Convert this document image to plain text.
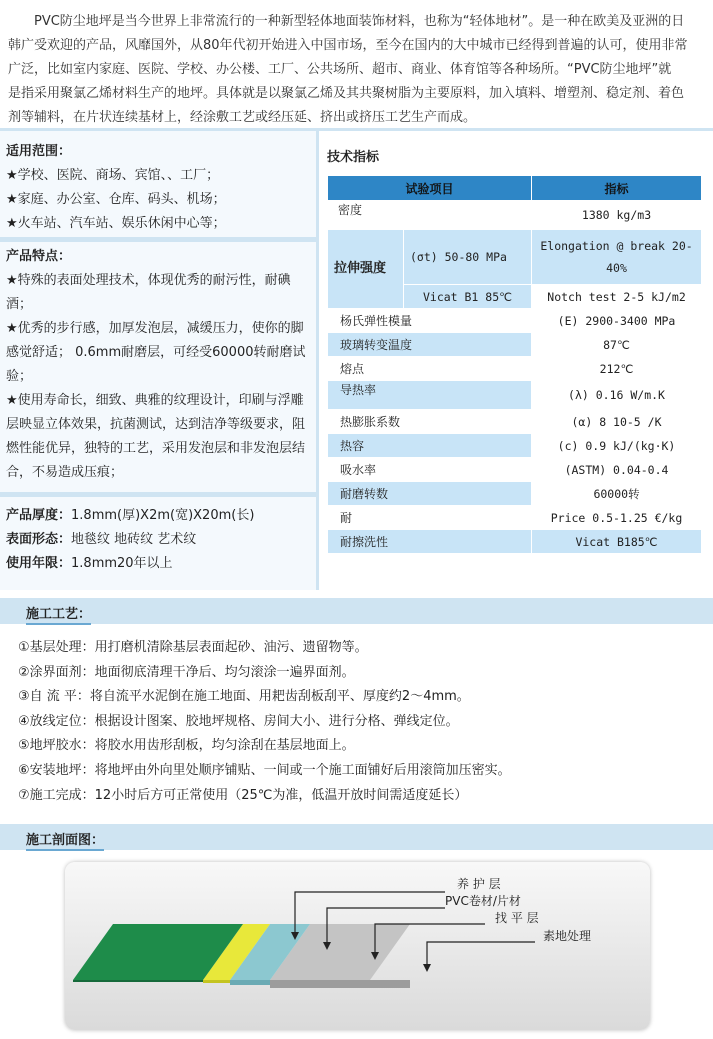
PVC防尘地坪是当今世界上非常流行的一种新型轻体地面装饰材料，也称为“轻体地材”。是一种在欧美及亚洲的日

韩广受欢迎的产品，风靡国外，从80年代初开始进入中国市场，至今在国内的大中城市已经得到普遍的认可，使用非常
广泛，比如室内家庭、医院、学校、办公楼、工厂、公共场所、超市、商业、体育馆等各种场所。“PVC防尘地坪”就
是指采用聚氯乙烯材料生产的地坪。具体就是以聚氯乙烯及其共聚树脂为主要原料，加入填料、增塑剂、稳定剂、着色
剂等辅料，在片状连续基材上，经涂敷工艺或经压延、挤出或挤压工艺生产而成。
适用范围：
★学校、医院、商场、宾馆、、工厂；
★家庭、办公室、仓库、码头、机场；
★火车站、汽车站、娱乐休闲中心等；
产品特点：
★特殊的表面处理技术，体现优秀的耐污性，耐碘
酒；
★优秀的步行感，加厚发泡层，减缓压力，使你的脚
感觉舒适； 0.6mm耐磨层，可经受60000转耐磨试
验；
★使用寿命长，细致、典雅的纹理设计，印刷与浮雕
层映显立体效果，抗菌测试，达到洁净等级要求，阻
燃性能优异，独特的工艺，采用发泡层和非发泡层结
合，不易造成压痕；
产品厚度：1.8mm(厚)X2m(宽)X20m(长)
表面形态：地毯纹 地砖纹 艺术纹
使用年限：1.8mm20年以上
技术指标
试验项目		指标
密度		1380 kg/m3
拉伸强度	(σt) 50-80 MPa	Elongation @ break 20-40%
	Vicat B1 85℃	Notch test 2-5 kJ/m2
杨氏弹性模量		(E) 2900-3400 MPa
玻璃转变温度		87℃
熔点		212℃
导热率		(λ) 0.16 W/m.K
热膨胀系数		(α) 8 10-5 /K
热容		(c) 0.9 kJ/(kg·K)
吸水率		(ASTM) 0.04-0.4
耐磨转数		60000转
耐		Price 0.5-1.25 €/kg
耐擦洗性		Vicat B185℃
施工工艺：
①基层处理：用打磨机清除基层表面起砂、油污、遗留物等。
②涂界面剂：地面彻底清理干净后、均匀滚涂一遍界面剂。
③自 流 平：将自流平水泥倒在施工地面、用耙齿刮板刮平、厚度约2～4mm。
④放线定位：根据设计图案、胶地坪规格、房间大小、进行分格、弹线定位。
⑤地坪胶水：将胶水用齿形刮板，均匀涂刮在基层地面上。
⑥安装地坪：将地坪由外向里处顺序铺贴、一间或一个施工面铺好后用滚筒加压密实。
⑦施工完成：12小时后方可正常使用（25℃为准，低温开放时间需适度延长）
施工剖面图：
养 护 层
PVC卷材/片材
找 平 层
素地处理
